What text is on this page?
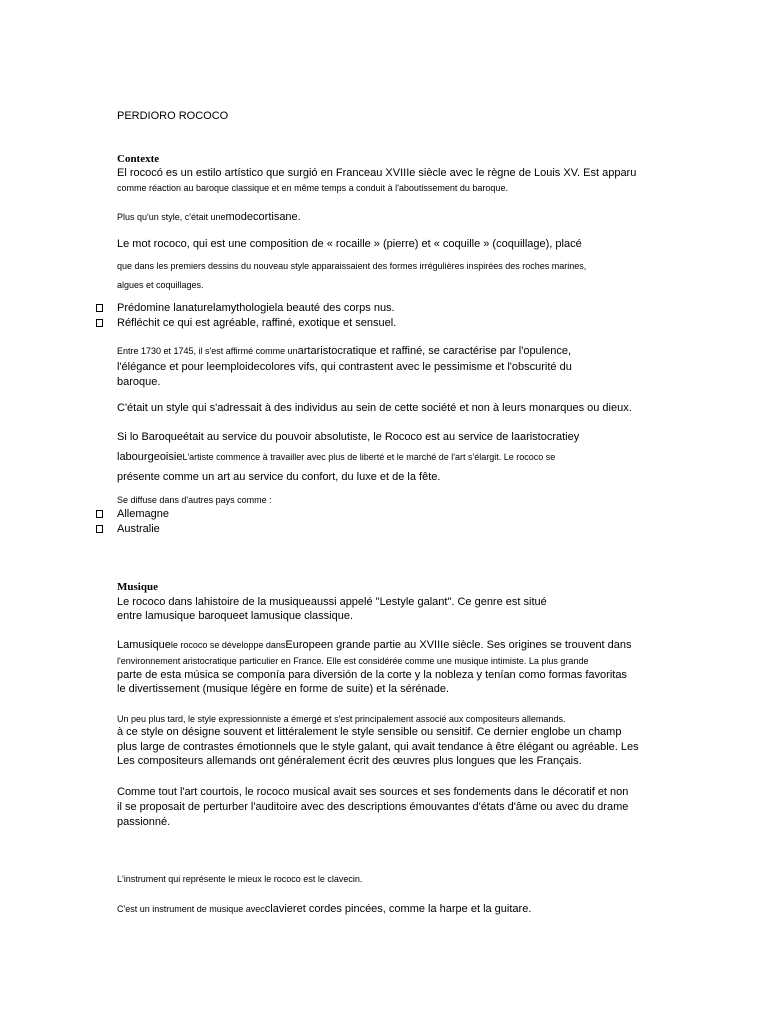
PERDIORO ROCOCO
Contexte
El rococó es un estilo artístico que surgió en Franceau XVIIIe siècle avec le règne de Louis XV. Est apparu
comme réaction au baroque classique et en même temps a conduit à l'aboutissement du baroque.
Plus qu'un style, c'était unemodecortisane.
Le mot rococo, qui est une composition de « rocaille » (pierre) et « coquille » (coquillage), placé
que dans les premiers dessins du nouveau style apparaissaient des formes irrégulières inspirées des roches marines,
algues et coquillages.
Prédomine lanaturelamythologiela beauté des corps nus.
Réfléchit ce qui est agréable, raffiné, exotique et sensuel.
Entre 1730 et 1745, il s'est affirmé comme unartaristocratique et raffiné, se caractérise par l'opulence,
l'élégance et pour leemploidecolores vifs, qui contrastent avec le pessimisme et l'obscurité du
baroque.
C'était un style qui s'adressait à des individus au sein de cette société et non à leurs monarques ou dieux.
Si lo Baroqueétait au service du pouvoir absolutiste, le Rococo est au service de laaristocratiey
labourgeoisieL'artiste commence à travailler avec plus de liberté et le marché de l'art s'élargit. Le rococo se
présente comme un art au service du confort, du luxe et de la fête.
Se diffuse dans d'autres pays comme :
Allemagne
Australie
Musique
Le rococo dans lahistoire de la musiqueaussi appelé "Lestyle galant". Ce genre est situé
entre lamusique baroqueet lamusique classique.
Lamusiquele rococo se développe dansEuropeen grande partie au XVIIIe siècle. Ses origines se trouvent dans
l'environnement aristocratique particulier en France. Elle est considérée comme une musique intimiste. La plus grande
parte de esta música se componía para diversión de la corte y la nobleza y tenían como formas favoritas
le divertissement (musique légère en forme de suite) et la sérénade.
Un peu plus tard, le style expressionniste a émergé et s'est principalement associé aux compositeurs allemands.
à ce style on désigne souvent et littéralement le style sensible ou sensitif. Ce dernier englobe un champ
plus large de contrastes émotionnels que le style galant, qui avait tendance à être élégant ou agréable. Les
Les compositeurs allemands ont généralement écrit des œuvres plus longues que les Français.
Comme tout l'art courtois, le rococo musical avait ses sources et ses fondements dans le décoratif et non
il se proposait de perturber l'auditoire avec des descriptions émouvantes d'états d'âme ou avec du drame
passionné.
L'instrument qui représente le mieux le rococo est le clavecin.
C'est un instrument de musique avecclavieret cordes pincées, comme la harpe et la guitare.
